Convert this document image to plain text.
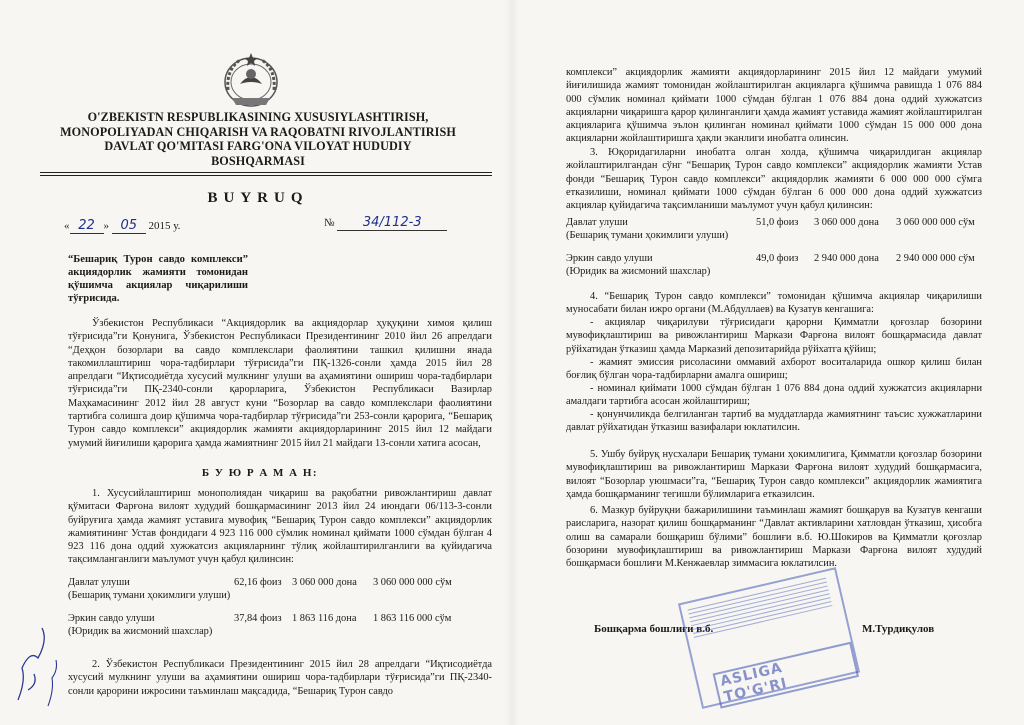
O'ZBEKISTN RESPUBLIKASINING XUSUSIYLASHTIRISH,
MONOPOLIYADAN CHIQARISH VA RAQOBATNI RIVOJLANTIRISH
DAVLAT QO'MITASI FARG'ONA VILOYAT HUDUDIY
BOSHQARMASI
BUYRUQ
« 22 » 05 2015 у.	№ 34/112-3
“Бешариқ Турон савдо комплекси” акциядорлик жамияти томонидан қўшимча акциялар чиқарилиши тўғрисида.

Ўзбекистон Республикаси “Акциядорлик ва акциядорлар ҳуқуқини химоя қилиш тўғрисида”ги Қонунига, Ўзбекистон Республикаси Президентининг 2010 йил 26 апрелдаги “Деҳқон бозорлари ва савдо комплекслари фаолиятини ташкил қилишни янада такомиллаштириш чора-тадбирлари тўғрисида”ги ПҚ-1326-сонли ҳамда 2015 йил 28 апрелдаги “Иқтисодиётда хусусий мулкнинг улуши ва аҳамиятини ошириш чора-тадбирлари тўғрисида”ги ПҚ-2340-сонли қарорларига, Ўзбекистон Республикаси Вазирлар Маҳкамасининг 2012 йил 28 август куни “Бозорлар ва савдо комплекслари фаолиятини тартибга солишга доир қўшимча чора-тадбирлар тўғрисида”ги 253-сонли қарорига, “Бешариқ Турон савдо комплекси” акциядорлик жамияти акциядорларининг 2015 йил 12 майдаги умумий йиғилиши қарорига ҳамда жамиятнинг 2015 йил 21 майдаги 13-сонли хатига асосан,

Б У Ю Р А М А Н:

1. Хусусийлаштириш монополиядан чиқариш ва рақобатни ривожлантириш давлат қўмитаси Фарғона вилоят худудий бошқармасининг 2013 йил 24 июндаги 06/113-3-сонли буйруғига ҳамда жамият уставига мувофиқ “Бешариқ Турон савдо комплекси” акциядорлик жамиятининг Устав фондидаги 4 923 116 000 сўмлик номинал қиймати 1000 сўмдан бўлган 4 923 116 дона оддий хужжатсиз акцияларнинг тўлиқ жойлаштирилганлиги ва қуйидагича тақсимланганлиги маълумот учун қабул қилинсин:

Давлат улуши	62,16 фоиз 3 060 000 дона 3 060 000 000 сўм
(Бешариқ тумани ҳокимлиги улуши)
Эркин савдо улуши	37,84 фоиз 1 863 116 дона 1 863 116 000 сўм
(Юридик ва жисмоний шахслар)

2. Ўзбекистон Республикаси Президентининг 2015 йил 28 апрелдаги “Иқтисодиётда хусусий мулкнинг улуши ва аҳамиятини ошириш чора-тадбирлари тўғрисида”ги ПҚ-2340-сонли қарорини ижросини таъминлаш мақсадида, “Бешариқ Турон савдо

комплекси” акциядорлик жамияти акциядорларининг 2015 йил 12 майдаги умумий йиғилишида жамият томонидан жойлаштирилган акцияларга қўшимча равишда 1 076 884 000 сўмлик номинал қиймати 1000 сўмдан бўлган 1 076 884 дона оддий хужжатсиз акцияларни чиқаришга қарор қилинганлиги ҳамда жамият уставида жамият жойлаштирилган акцияларига қўшимча эълон қилинган номинал қиймати 1000 сўмдан 15 000 000 дона акцияларни жойлаштиришга ҳақли эканлиги инобатга олинсин.

3. Юқоридагиларни инобатга олган холда, қўшимча чиқарилдиган акциялар жойлаштирилгандан сўнг “Бешариқ Турон савдо комплекси” акциядорлик жамияти Устав фонди “Бешариқ Турон савдо комплекси” акциядорлик жамияти 6 000 000 000 сўмга етказилиши, номинал қиймати 1000 сўмдан бўлган 6 000 000 дона оддий хужжатсиз акциялар қуйидагича тақсимланиши маълумот учун қабул қилинсин:

Давлат улуши	51,0 фоиз 3 060 000 дона 3 060 000 000 сўм
(Бешариқ тумани ҳокимлиги улуши)
Эркин савдо улуши	49,0 фоиз 2 940 000 дона 2 940 000 000 сўм
(Юридик ва жисмоний шахслар)

4. “Бешариқ Турон савдо комплекси” томонидан қўшимча акциялар чиқарилиши муносабати билан ижро органи (М.Абдуллаев) ва Кузатув кенгашига:

- акциялар чиқарилуви тўғрисидаги қарорни Қимматли қоғозлар бозорини мувофиқлаштириш ва ривожлантириш Маркази Фарғона вилоят бошқармасида давлат рўйхатидан ўтказиш ҳамда Марказий депозитарийда рўйхатга қўйиш;

- жамият эмиссия рисоласини оммавий ахборот воситаларида ошкор қилиш билан боғлиқ бўлган чора-тадбирларни амалга ошириш;

- номинал қиймати 1000 сўмдан бўлган 1 076 884 дона оддий хужжатсиз акцияларни амалдаги тартибга асосан жойлаштириш;

- қонунчиликда белгиланган тартиб ва муддатларда жамиятнинг таъсис хужжатларини давлат рўйхатидан ўтказиш вазифалари юклатилсин.

5. Ушбу буйруқ нусхалари Бешариқ тумани ҳокимлигига, Қимматли қоғозлар бозорини мувофиқлаштириш ва ривожлантириш Маркази Фарғона вилоят худудий бошқармасига, вилоят “Бозорлар уюшмаси”га, “Бешариқ Турон савдо комплекси” акциядорлик жамиятига ҳамда бошқарманинг тегишли бўлимларига етказилсин.

6. Мазкур буйруқни бажарилишини таъминлаш жамият бошқарув ва Кузатув кенгаши раисларига, назорат қилиш бошқарманинг “Давлат активларини хатловдан ўтказиш, ҳисобга олиш ва самарали бошқариш бўлими” бошлиғи в.б. Ю.Шокиров ва Қимматли қоғозлар бозорини мувофиқлаштириш ва ривожлантириш Маркази Фарғона вилоят худудий бошқармаси бошлиғи М.Кенжаевлар зиммасига юклатилсин.

Бошқарма бошлиғи в.б.	М.Турдиқулов
ASLIGA TO'G'RI
